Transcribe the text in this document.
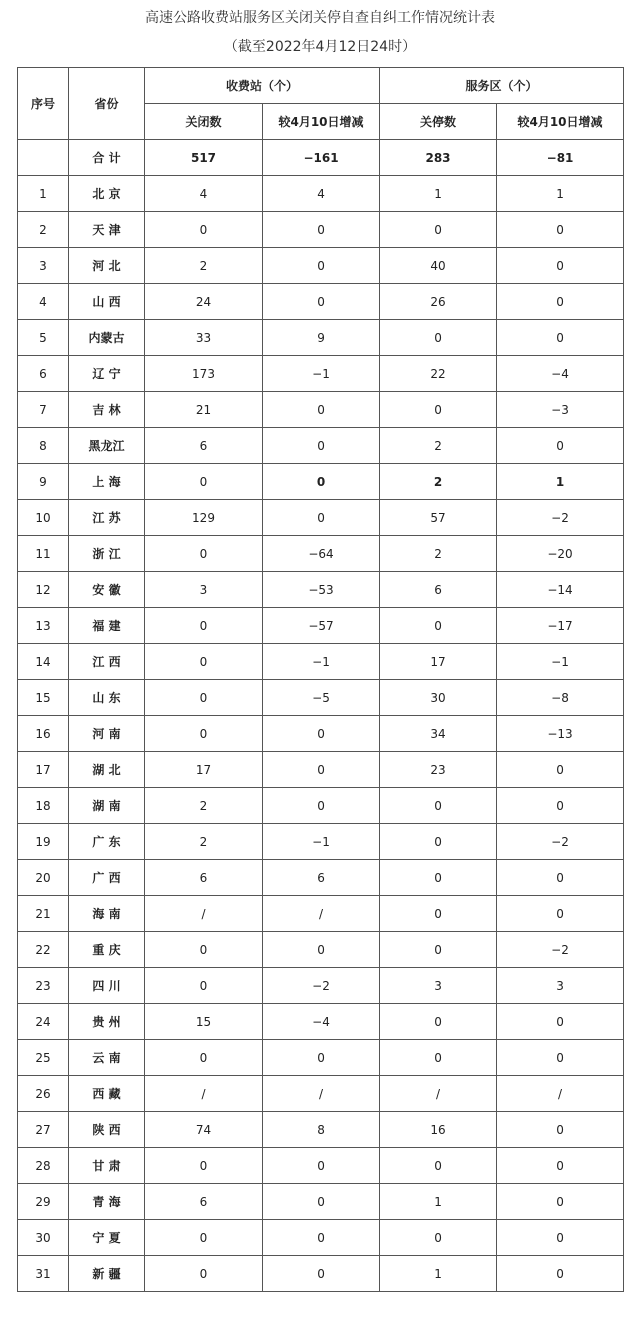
高速公路收费站服务区关闭关停自查自纠工作情况统计表
（截至2022年4月12日24时）
序号	省份	收费站（个）		服务区（个）	
		关闭数	较4月10日增减	关停数	较4月10日增减
	合 计	517	−161	283	−81
1	北 京	4	4	1	1
2	天 津	0	0	0	0
3	河 北	2	0	40	0
4	山 西	24	0	26	0
5	内蒙古	33	9	0	0
6	辽 宁	173	−1	22	−4
7	吉 林	21	0	0	−3
8	黑龙江	6	0	2	0
9	上 海	0	0	2	1
10	江 苏	129	0	57	−2
11	浙 江	0	−64	2	−20
12	安 徽	3	−53	6	−14
13	福 建	0	−57	0	−17
14	江 西	0	−1	17	−1
15	山 东	0	−5	30	−8
16	河 南	0	0	34	−13
17	湖 北	17	0	23	0
18	湖 南	2	0	0	0
19	广 东	2	−1	0	−2
20	广 西	6	6	0	0
21	海 南	/	/	0	0
22	重 庆	0	0	0	−2
23	四 川	0	−2	3	3
24	贵 州	15	−4	0	0
25	云 南	0	0	0	0
26	西 藏	/	/	/	/
27	陕 西	74	8	16	0
28	甘 肃	0	0	0	0
29	青 海	6	0	1	0
30	宁 夏	0	0	0	0
31	新 疆	0	0	1	0
